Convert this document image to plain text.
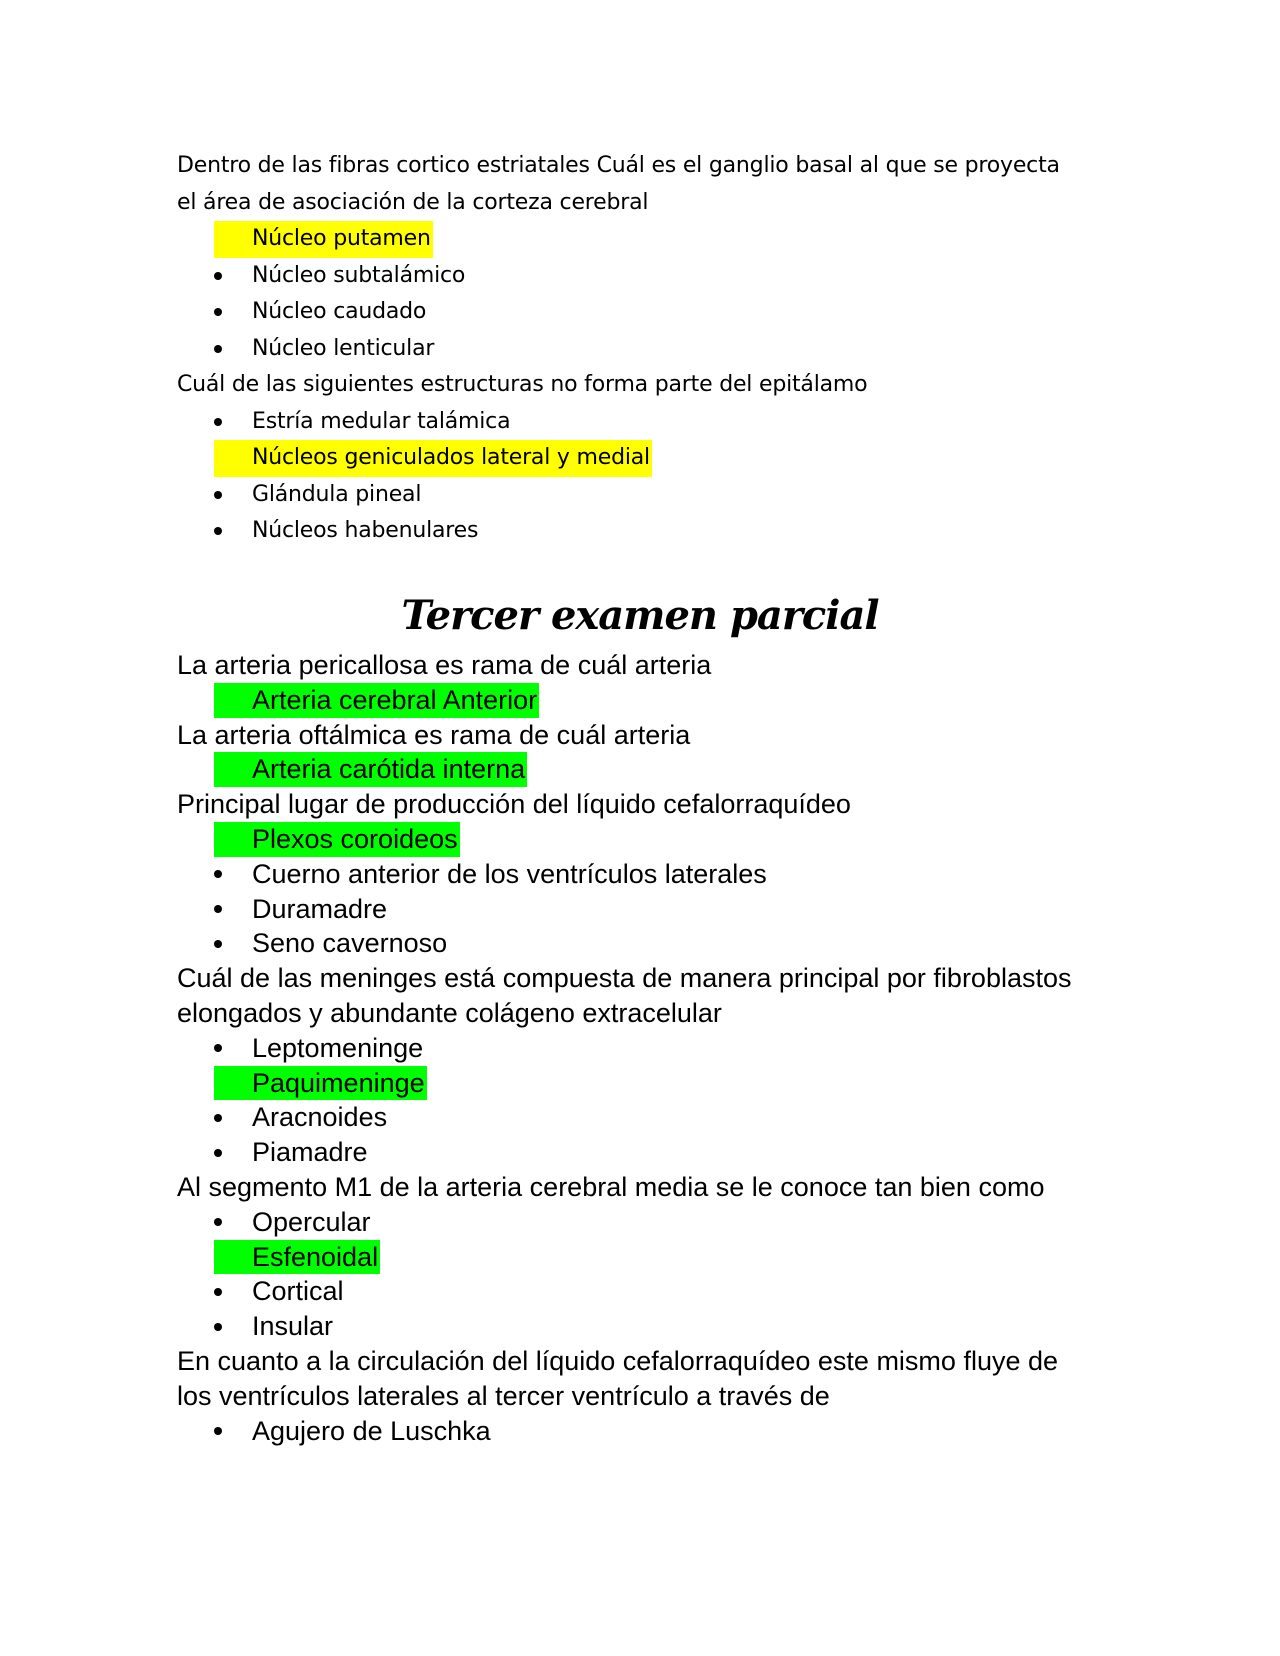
Dentro de las fibras cortico estriatales Cuál es el ganglio basal al que se proyecta el área de asociación de la corteza cerebral

Núcleo putamen
Núcleo subtalámico
Núcleo caudado
Núcleo lenticular

Cuál de las siguientes estructuras no forma parte del epitálamo

Estría medular talámica
Núcleos geniculados lateral y medial
Glándula pineal
Núcleos habenulares
Tercer examen parcial

La arteria pericallosa es rama de cuál arteria

Arteria cerebral Anterior

La arteria oftálmica es rama de cuál arteria

Arteria carótida interna

Principal lugar de producción del líquido cefalorraquídeo

Plexos coroideos
Cuerno anterior de los ventrículos laterales
Duramadre
Seno cavernoso

Cuál de las meninges está compuesta de manera principal por fibroblastos elongados y abundante colágeno extracelular

Leptomeninge
Paquimeninge
Aracnoides
Piamadre

Al segmento M1 de la arteria cerebral media se le conoce tan bien como

Opercular
Esfenoidal
Cortical
Insular

En cuanto a la circulación del líquido cefalorraquídeo este mismo fluye de los ventrículos laterales al tercer ventrículo a través de

Agujero de Luschka
